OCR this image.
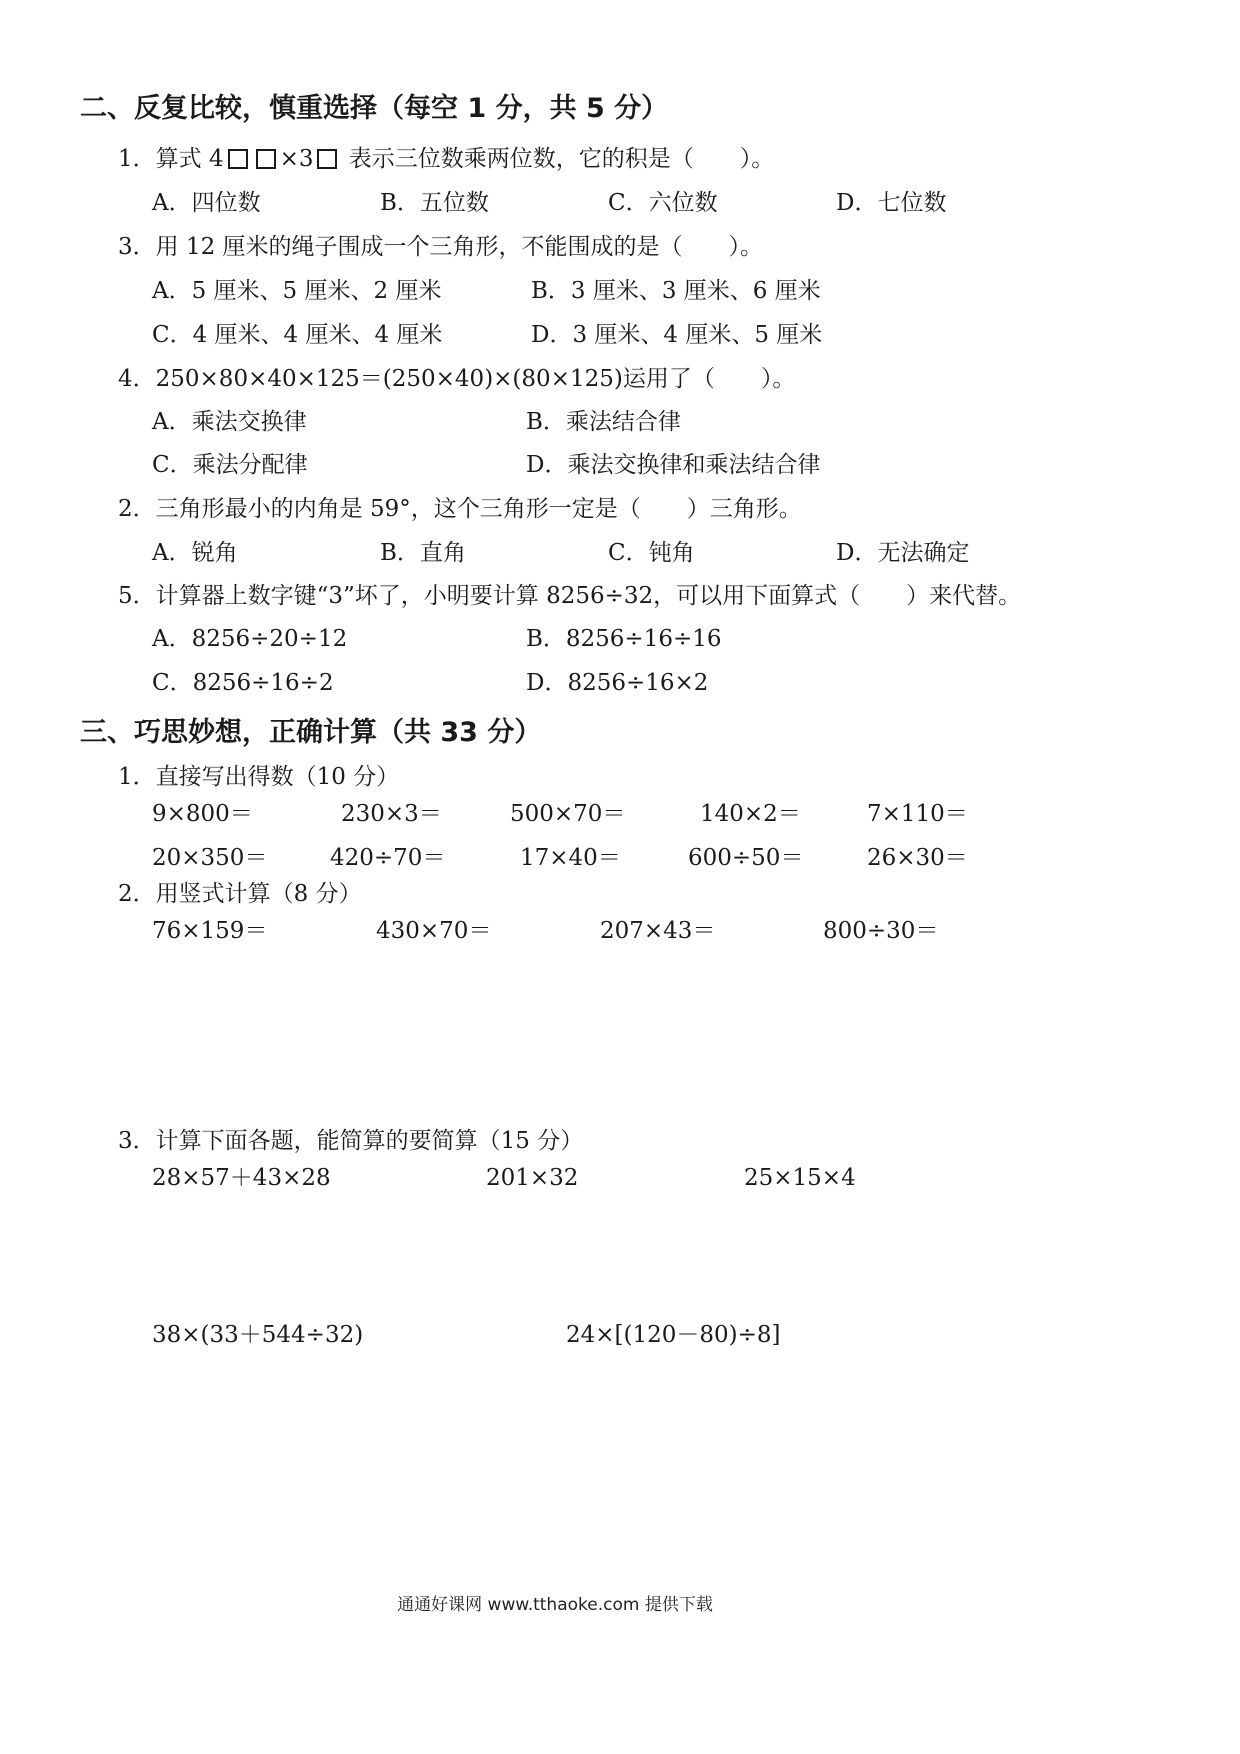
二、反复比较，慎重选择（每空 1 分，共 5 分）
1．算式 4 ×3 表示三位数乘两位数，它的积是（　　）。
A．四位数	B．五位数	C．六位数	D．七位数
3．用 12 厘米的绳子围成一个三角形，不能围成的是（　　）。
A．5 厘米、5 厘米、2 厘米	B．3 厘米、3 厘米、6 厘米
C．4 厘米、4 厘米、4 厘米	D．3 厘米、4 厘米、5 厘米
4．250×80×40×125＝(250×40)×(80×125)运用了（　　）。
A．乘法交换律	B．乘法结合律
C．乘法分配律	D．乘法交换律和乘法结合律
2．三角形最小的内角是 59°，这个三角形一定是（　　）三角形。
A．锐角	B．直角	C．钝角	D．无法确定
5．计算器上数字键“3”坏了，小明要计算 8256÷32，可以用下面算式（　　）来代替。
A．8256÷20÷12	B．8256÷16÷16
C．8256÷16÷2	D．8256÷16×2
三、巧思妙想，正确计算（共 33 分）
1．直接写出得数（10 分）
9×800＝	230×3＝	500×70＝	140×2＝	7×110＝
20×350＝	420÷70＝	17×40＝	600÷50＝	26×30＝
2．用竖式计算（8 分）
76×159＝	430×70＝	207×43＝	800÷30＝
3．计算下面各题，能简算的要简算（15 分）
28×57＋43×28	201×32	25×15×4
38×(33＋544÷32)	24×[(120－80)÷8]
通通好课网 www.tthaoke.com 提供下载
